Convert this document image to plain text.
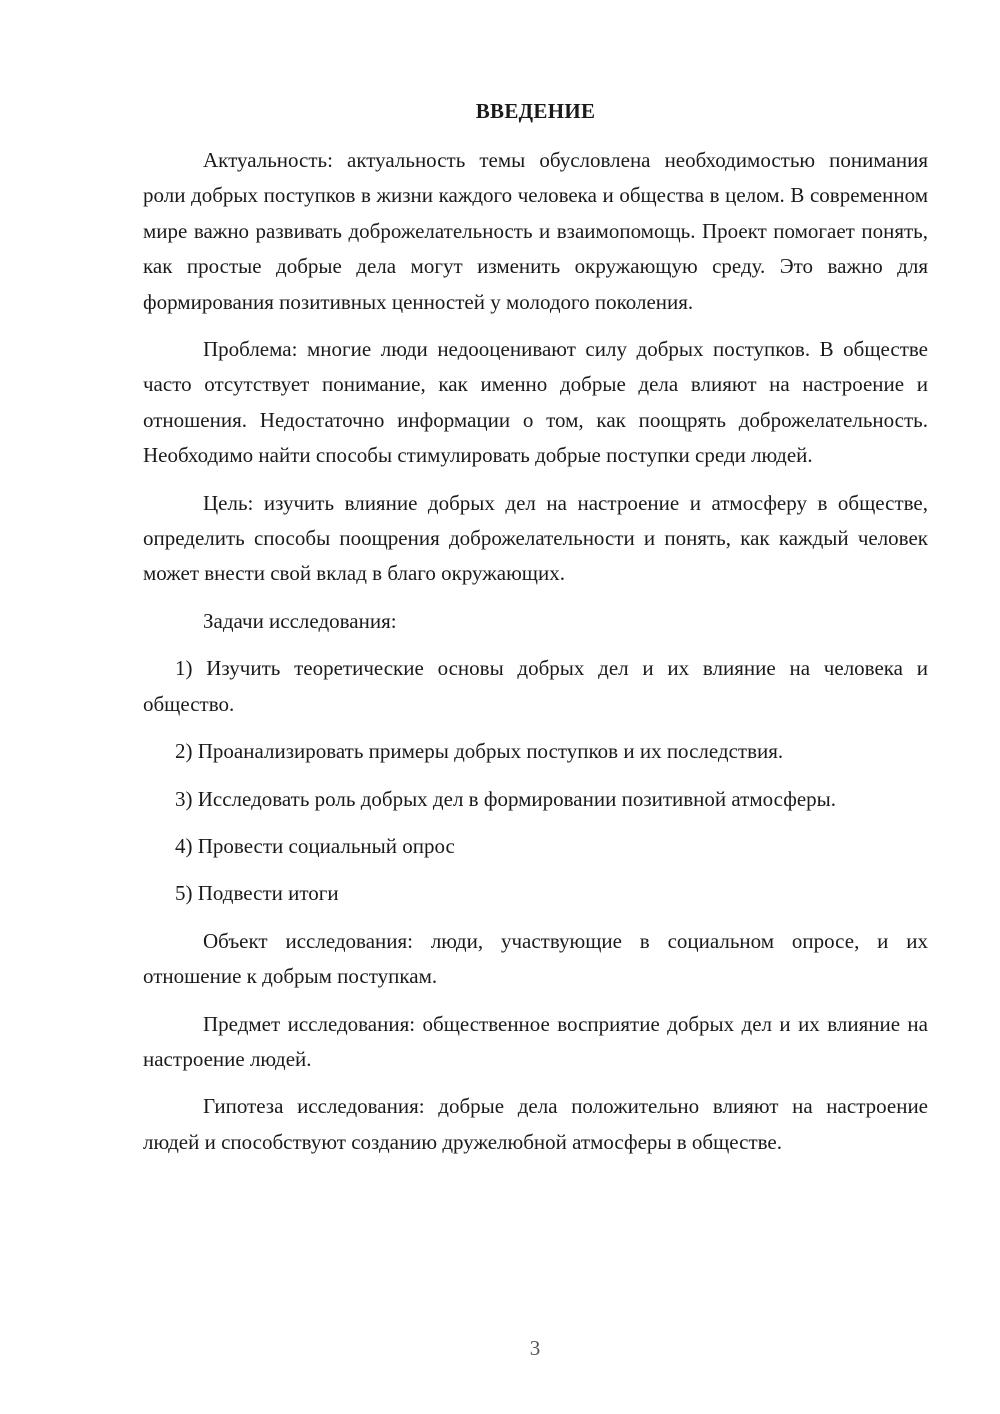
ВВЕДЕНИЕ

Актуальность: актуальность темы обусловлена необходимостью понимания роли добрых поступков в жизни каждого человека и общества в целом. В современном мире важно развивать доброжелательность и взаимопомощь. Проект помогает понять, как простые добрые дела могут изменить окружающую среду. Это важно для формирования позитивных ценностей у молодого поколения.

Проблема: многие люди недооценивают силу добрых поступков. В обществе часто отсутствует понимание, как именно добрые дела влияют на настроение и отношения. Недостаточно информации о том, как поощрять доброжелательность. Необходимо найти способы стимулировать добрые поступки среди людей.

Цель: изучить влияние добрых дел на настроение и атмосферу в обществе, определить способы поощрения доброжелательности и понять, как каждый человек может внести свой вклад в благо окружающих.

Задачи исследования:

1) Изучить теоретические основы добрых дел и их влияние на человека и общество.

2) Проанализировать примеры добрых поступков и их последствия.

3) Исследовать роль добрых дел в формировании позитивной атмосферы.

4) Провести социальный опрос

5) Подвести итоги

Объект исследования: люди, участвующие в социальном опросе, и их отношение к добрым поступкам.

Предмет исследования: общественное восприятие добрых дел и их влияние на настроение людей.

Гипотеза исследования: добрые дела положительно влияют на настроение людей и способствуют созданию дружелюбной атмосферы в обществе.

3
